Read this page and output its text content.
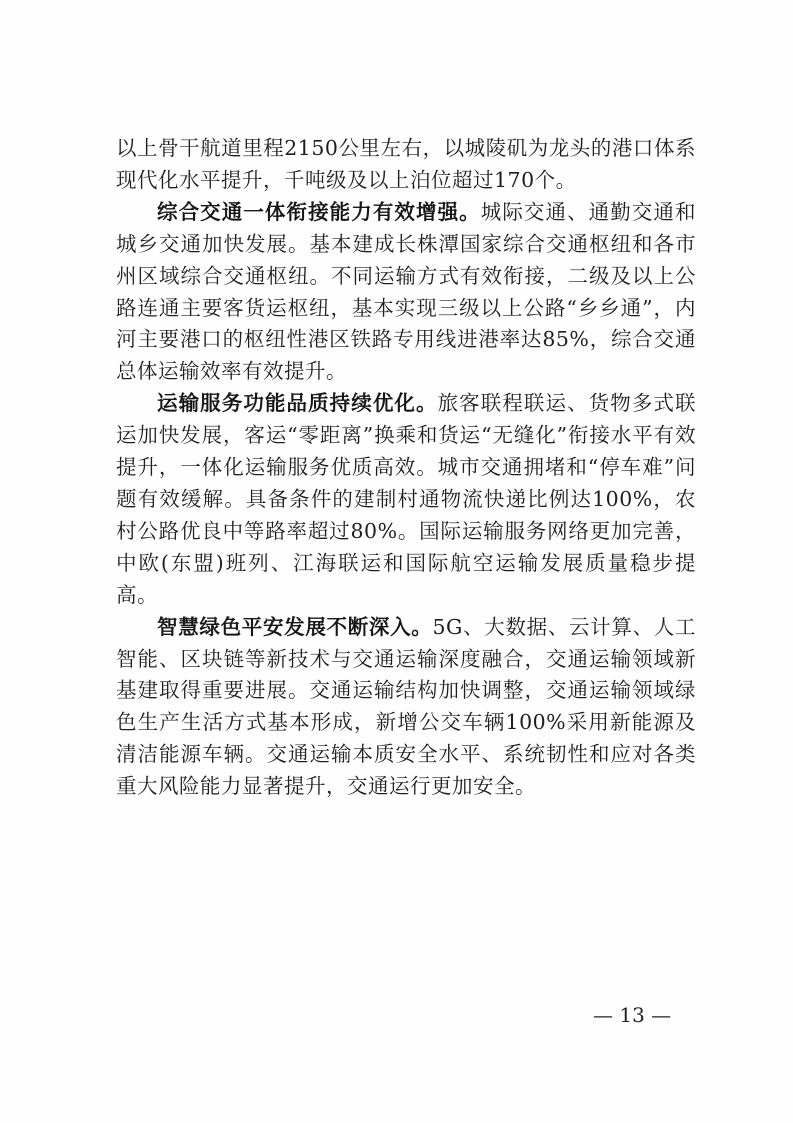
以上骨干航道里程2150公里左右，以城陵矶为龙头的港口体系现代化水平提升，千吨级及以上泊位超过170个。

综合交通一体衔接能力有效增强。城际交通、通勤交通和城乡交通加快发展。基本建成长株潭国家综合交通枢纽和各市州区域综合交通枢纽。不同运输方式有效衔接，二级及以上公路连通主要客货运枢纽，基本实现三级以上公路“乡乡通”，内河主要港口的枢纽性港区铁路专用线进港率达85%，综合交通总体运输效率有效提升。

运输服务功能品质持续优化。旅客联程联运、货物多式联运加快发展，客运“零距离”换乘和货运“无缝化”衔接水平有效提升，一体化运输服务优质高效。城市交通拥堵和“停车难”问题有效缓解。具备条件的建制村通物流快递比例达100%，农村公路优良中等路率超过80%。国际运输服务网络更加完善，中欧(东盟)班列、江海联运和国际航空运输发展质量稳步提高。

智慧绿色平安发展不断深入。5G、大数据、云计算、人工智能、区块链等新技术与交通运输深度融合，交通运输领域新基建取得重要进展。交通运输结构加快调整，交通运输领域绿色生产生活方式基本形成，新增公交车辆100%采用新能源及清洁能源车辆。交通运输本质安全水平、系统韧性和应对各类重大风险能力显著提升，交通运行更加安全。

— 13 —
